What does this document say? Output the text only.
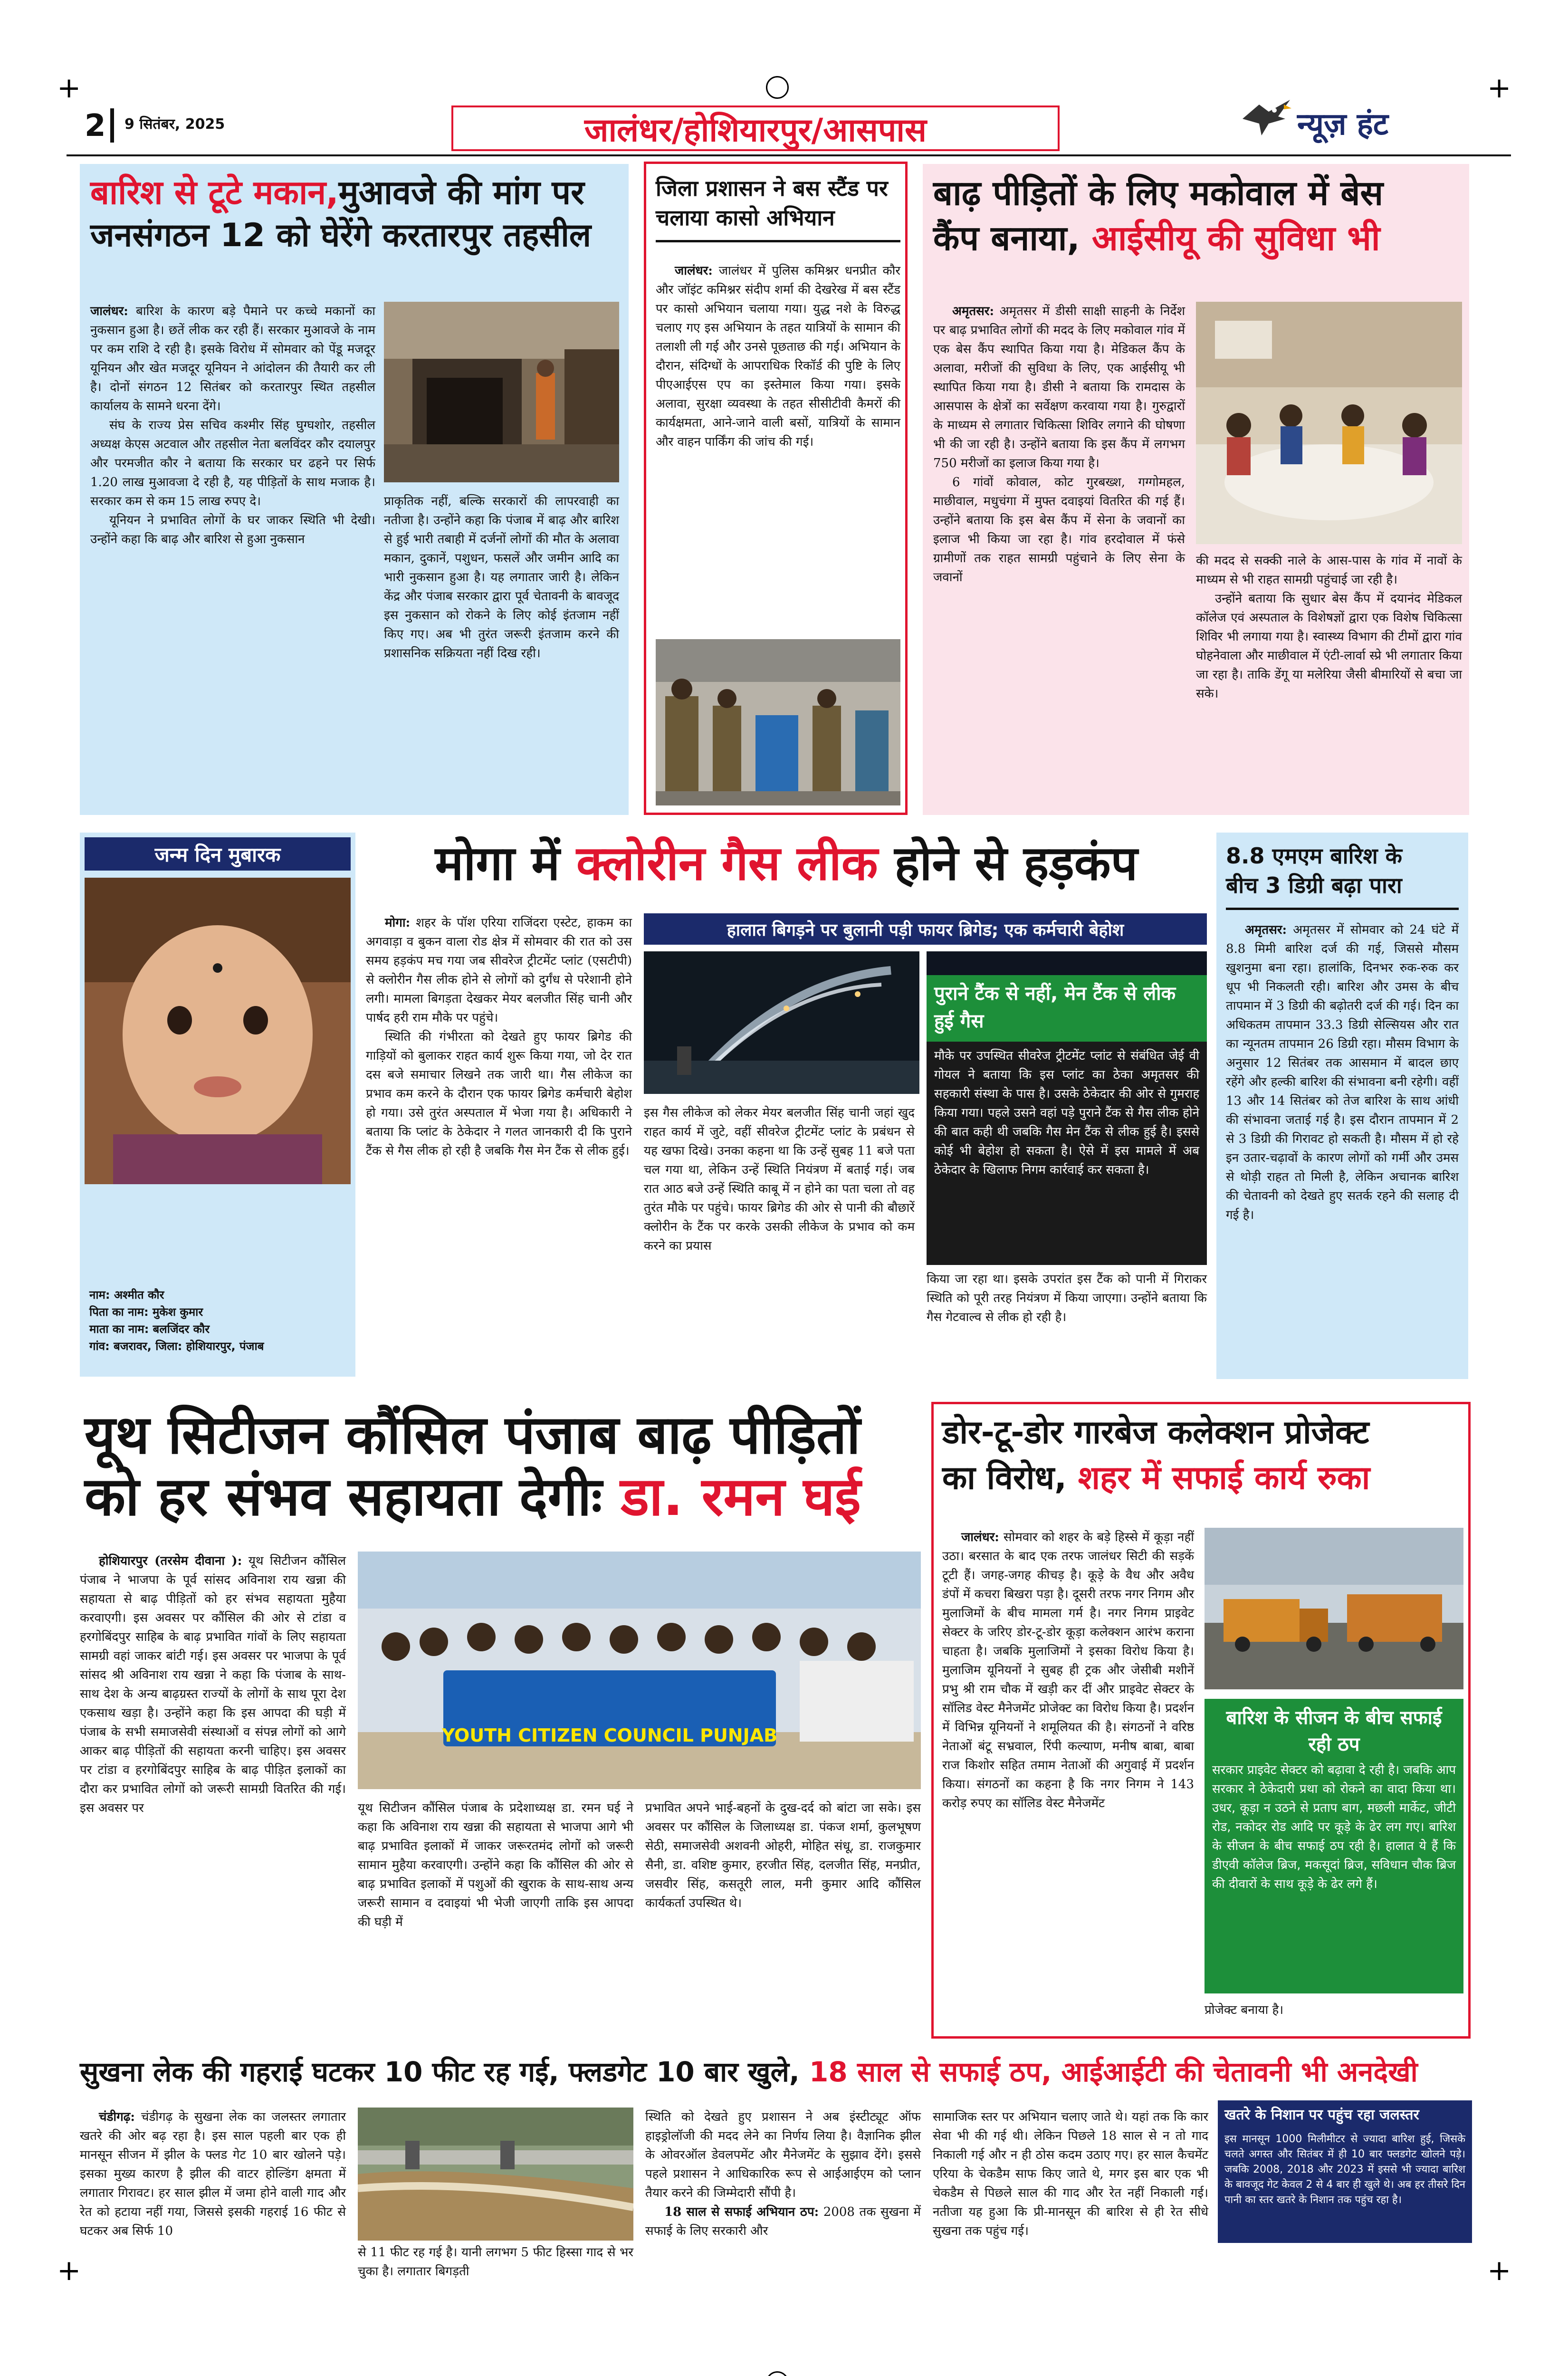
+	+
+	+
2 9 सितंबर, 2025	जालंधर/होशियारपुर/आसपास	न्यूज़ हंट
बारिश से टूटे मकान,मुआवजे की मांग पर
जनसंगठन 12 को घेरेंगे करतारपुर तहसील

जालंधर: बारिश के कारण बड़े पैमाने पर कच्चे मकानों का नुकसान हुआ है। छतें लीक कर रही हैं। सरकार मुआवजे के नाम पर कम राशि दे रही है। इसके विरोध में सोमवार को पेंडू मजदूर यूनियन और खेत मजदूर यूनियन ने आंदोलन की तैयारी कर ली है। दोनों संगठन 12 सितंबर को करतारपुर स्थित तहसील कार्यालय के सामने धरना देंगे।

संघ के राज्य प्रेस सचिव कश्मीर सिंह घुग्घशोर, तहसील अध्यक्ष केएस अटवाल और तहसील नेता बलविंदर कौर दयालपुर और परमजीत कौर ने बताया कि सरकार घर ढहने पर सिर्फ 1.20 लाख मुआवजा दे रही है, यह पीड़ितों के साथ मजाक है। सरकार कम से कम 15 लाख रुपए दे।

यूनियन ने प्रभावित लोगों के घर जाकर स्थिति भी देखी। उन्होंने कहा कि बाढ़ और बारिश से हुआ नुकसान

प्राकृतिक नहीं, बल्कि सरकारों की लापरवाही का नतीजा है। उन्होंने कहा कि पंजाब में बाढ़ और बारिश से हुई भारी तबाही में दर्जनों लोगों की मौत के अलावा मकान, दुकानें, पशुधन, फसलें और जमीन आदि का भारी नुकसान हुआ है। यह लगातार जारी है। लेकिन केंद्र और पंजाब सरकार द्वारा पूर्व चेतावनी के बावजूद इस नुकसान को रोकने के लिए कोई इंतजाम नहीं किए गए। अब भी तुरंत जरूरी इंतजाम करने की प्रशासनिक सक्रियता नहीं दिख रही।
जिला प्रशासन ने बस स्टैंड पर चलाया कासो अभियान

जालंधर: जालंधर में पुलिस कमिश्नर धनप्रीत कौर और जॉइंट कमिश्नर संदीप शर्मा की देखरेख में बस स्टैंड पर कासो अभियान चलाया गया। युद्ध नशे के विरुद्ध चलाए गए इस अभियान के तहत यात्रियों के सामान की तलाशी ली गई और उनसे पूछताछ की गई। अभियान के दौरान, संदिग्धों के आपराधिक रिकॉर्ड की पुष्टि के लिए पीएआईएस एप का इस्तेमाल किया गया। इसके अलावा, सुरक्षा व्यवस्था के तहत सीसीटीवी कैमरों की कार्यक्षमता, आने-जाने वाली बसों, यात्रियों के सामान और वाहन पार्किंग की जांच की गई।

बाढ़ पीड़ितों के लिए मकोवाल में बेस
कैंप बनाया, आईसीयू की सुविधा भी

अमृतसर: अमृतसर में डीसी साक्षी साहनी के निर्देश पर बाढ़ प्रभावित लोगों की मदद के लिए मकोवाल गांव में एक बेस कैंप स्थापित किया गया है। मेडिकल कैंप के अलावा, मरीजों की सुविधा के लिए, एक आईसीयू भी स्थापित किया गया है। डीसी ने बताया कि रामदास के आसपास के क्षेत्रों का सर्वेक्षण करवाया गया है। गुरुद्वारों के माध्यम से लगातार चिकित्सा शिविर लगाने की घोषणा भी की जा रही है। उन्होंने बताया कि इस कैंप में लगभग 750 मरीजों का इलाज किया गया है।

6 गांवों कोवाल, कोट गुरबख्श, गग्गोमहल, माछीवाल, मधुचंगा में मुफ्त दवाइयां वितरित की गई हैं। उन्होंने बताया कि इस बेस कैंप में सेना के जवानों का इलाज भी किया जा रहा है। गांव हरदोवाल में फंसे ग्रामीणों तक राहत सामग्री पहुंचाने के लिए सेना के जवानों

की मदद से सक्की नाले के आस-पास के गांव में नावों के माध्यम से भी राहत सामग्री पहुंचाई जा रही है।

उन्होंने बताया कि सुधार बेस कैंप में दयानंद मेडिकल कॉलेज एवं अस्पताल के विशेषज्ञों द्वारा एक विशेष चिकित्सा शिविर भी लगाया गया है। स्वास्थ्य विभाग की टीमों द्वारा गांव घोहनेवाला और माछीवाल में एंटी-लार्वा स्प्रे भी लगातार किया जा रहा है। ताकि डेंगू या मलेरिया जैसी बीमारियों से बचा जा सके।

जन्म दिन मुबारक
नाम: अश्मीत कौर
पिता का नाम: मुकेश कुमार
माता का नाम: बलजिंदर कौर
गांव: बजरावर, जिला: होशियारपुर, पंजाब
मोगा में क्लोरीन गैस लीक होने से हड़कंप

मोगा: शहर के पॉश एरिया राजिंदरा एस्टेट, हाकम का अगवाड़ा व बुकन वाला रोड क्षेत्र में सोमवार की रात को उस समय हड़कंप मच गया जब सीवरेज ट्रीटमेंट प्लांट (एसटीपी) से क्लोरीन गैस लीक होने से लोगों को दुर्गंध से परेशानी होने लगी। मामला बिगड़ता देखकर मेयर बलजीत सिंह चानी और पार्षद हरी राम मौके पर पहुंचे।

स्थिति की गंभीरता को देखते हुए फायर ब्रिगेड की गाड़ियों को बुलाकर राहत कार्य शुरू किया गया, जो देर रात दस बजे समाचार लिखने तक जारी था। गैस लीकेज का प्रभाव कम करने के दौरान एक फायर ब्रिगेड कर्मचारी बेहोश हो गया। उसे तुरंत अस्पताल में भेजा गया है। अधिकारी ने बताया कि प्लांट के ठेकेदार ने गलत जानकारी दी कि पुराने टैंक से गैस लीक हो रही है जबकि गैस मेन टैंक से लीक हुई।

हालात बिगड़ने पर बुलानी पड़ी फायर ब्रिगेड; एक कर्मचारी बेहोश
इस गैस लीकेज को लेकर मेयर बलजीत सिंह चानी जहां खुद राहत कार्य में जुटे, वहीं सीवरेज ट्रीटमेंट प्लांट के प्रबंधन से यह खफा दिखे। उनका कहना था कि उन्हें सुबह 11 बजे पता चल गया था, लेकिन उन्हें स्थिति नियंत्रण में बताई गई। जब रात आठ बजे उन्हें स्थिति काबू में न होने का पता चला तो वह तुरंत मौके पर पहुंचे। फायर ब्रिगेड की ओर से पानी की बौछारें क्लोरीन के टैंक पर करके उसकी लीकेज के प्रभाव को कम करने का प्रयास
पुराने टैंक से नहीं, मेन टैंक से लीक हुई गैस
मौके पर उपस्थित सीवरेज ट्रीटमेंट प्लांट से संबंधित जेई वी गोयल ने बताया कि इस प्लांट का ठेका अमृतसर की सहकारी संस्था के पास है। उसके ठेकेदार की ओर से गुमराह किया गया। पहले उसने वहां पड़े पुराने टैंक से गैस लीक होने की बात कही थी जबकि गैस मेन टैंक से लीक हुई है। इससे कोई भी बेहोश हो सकता है। ऐसे में इस मामले में अब ठेकेदार के खिलाफ निगम कार्रवाई कर सकता है।
किया जा रहा था। इसके उपरांत इस टैंक को पानी में गिराकर स्थिति को पूरी तरह नियंत्रण में किया जाएगा। उन्होंने बताया कि गैस गेटवाल्व से लीक हो रही है।
8.8 एमएम बारिश के
बीच 3 डिग्री बढ़ा पारा

अमृतसर: अमृतसर में सोमवार को 24 घंटे में 8.8 मिमी बारिश दर्ज की गई, जिससे मौसम खुशनुमा बना रहा। हालांकि, दिनभर रुक-रुक कर धूप भी निकलती रही। बारिश और उमस के बीच तापमान में 3 डिग्री की बढ़ोतरी दर्ज की गई। दिन का अधिकतम तापमान 33.3 डिग्री सेल्सियस और रात का न्यूनतम तापमान 26 डिग्री रहा। मौसम विभाग के अनुसार 12 सितंबर तक आसमान में बादल छाए रहेंगे और हल्की बारिश की संभावना बनी रहेगी। वहीं 13 और 14 सितंबर को तेज बारिश के साथ आंधी की संभावना जताई गई है। इस दौरान तापमान में 2 से 3 डिग्री की गिरावट हो सकती है। मौसम में हो रहे इन उतार-चढ़ावों के कारण लोगों को गर्मी और उमस से थोड़ी राहत तो मिली है, लेकिन अचानक बारिश की चेतावनी को देखते हुए सतर्क रहने की सलाह दी गई है।

यूथ सिटीजन कौंसिल पंजाब बाढ़ पीड़ितों
को हर संभव सहायता देगीः डा. रमन घई

होशियारपुर (तरसेम दीवाना ): यूथ सिटीजन कौंसिल पंजाब ने भाजपा के पूर्व सांसद अविनाश राय खन्ना की सहायता से बाढ़ पीड़ितों को हर संभव सहायता मुहैया करवाएगी। इस अवसर पर कौंसिल की ओर से टांडा व हरगोबिंदपुर साहिब के बाढ़ प्रभावित गांवों के लिए सहायता सामग्री वहां जाकर बांटी गई। इस अवसर पर भाजपा के पूर्व सांसद श्री अविनाश राय खन्ना ने कहा कि पंजाब के साथ-साथ देश के अन्य बाढ़ग्रस्त राज्यों के लोगों के साथ पूरा देश एकसाथ खड़ा है। उन्होंने कहा कि इस आपदा की घड़ी में पंजाब के सभी समाजसेवी संस्थाओं व संपन्न लोगों को आगे आकर बाढ़ पीड़ितों की सहायता करनी चाहिए। इस अवसर पर टांडा व हरगोबिंदपुर साहिब के बाढ़ पीड़ित इलाकों का दौरा कर प्रभावित लोगों को जरूरी सामग्री वितरित की गई। इस अवसर पर

YOUTH CITIZEN COUNCIL PUNJAB
यूथ सिटीजन कौंसिल पंजाब के प्रदेशाध्यक्ष डा. रमन घई ने कहा कि अविनाश राय खन्ना की सहायता से भाजपा आगे भी बाढ़ प्रभावित इलाकों में जाकर जरूरतमंद लोगों को जरूरी सामान मुहैया करवाएगी। उन्होंने कहा कि कौंसिल की ओर से बाढ़ प्रभावित इलाकों में पशुओं की खुराक के साथ-साथ अन्य जरूरी सामान व दवाइयां भी भेजी जाएगी ताकि इस आपदा की घड़ी में
प्रभावित अपने भाई-बहनों के दुख-दर्द को बांटा जा सके। इस अवसर पर कौंसिल के जिलाध्यक्ष डा. पंकज शर्मा, कुलभूषण सेठी, समाजसेवी अशवनी ओहरी, मोहित संधू, डा. राजकुमार सैनी, डा. वशिष्ट कुमार, हरजीत सिंह, दलजीत सिंह, मनप्रीत, जसवीर सिंह, कसतूरी लाल, मनी कुमार आदि कौंसिल कार्यकर्ता उपस्थित थे।
डोर-टू-डोर गारबेज कलेक्शन प्रोजेक्ट
का विरोध, शहर में सफाई कार्य रुका

जालंधर: सोमवार को शहर के बड़े हिस्से में कूड़ा नहीं उठा। बरसात के बाद एक तरफ जालंधर सिटी की सड़कें टूटी हैं। जगह-जगह कीचड़ है। कूड़े के वैध और अवैध डंपों में कचरा बिखरा पड़ा है। दूसरी तरफ नगर निगम और मुलाजिमों के बीच मामला गर्म है। नगर निगम प्राइवेट सेक्टर के जरिए डोर-टू-डोर कूड़ा कलेक्शन आरंभ कराना चाहता है। जबकि मुलाजिमों ने इसका विरोध किया है। मुलाजिम यूनियनों ने सुबह ही ट्रक और जेसीबी मशीनें प्रभु श्री राम चौक में खड़ी कर दीं और प्राइवेट सेक्टर के सॉलिड वेस्ट मैनेजमेंट प्रोजेक्ट का विरोध किया है। प्रदर्शन में विभिन्न यूनियनों ने शमूलियत की है। संगठनों ने वरिष्ठ नेताओं बंटू सभ्रवाल, रिंपी कल्याण, मनीष बाबा, बाबा राज किशोर सहित तमाम नेताओं की अगुवाई में प्रदर्शन किया। संगठनों का कहना है कि नगर निगम ने 143 करोड़ रुपए का सॉलिड वेस्ट मैनेजमेंट

बारिश के सीजन के बीच सफाई रही ठप
सरकार प्राइवेट सेक्टर को बढ़ावा दे रही है। जबकि आप सरकार ने ठेकेदारी प्रथा को रोकने का वादा किया था। उधर, कूड़ा न उठने से प्रताप बाग, मछली मार्केट, जीटी रोड, नकोदर रोड आदि पर कूड़े के ढेर लग गए। बारिश के सीजन के बीच सफाई ठप रही है। हालात ये हैं कि डीएवी कॉलेज ब्रिज, मकसूदां ब्रिज, सविधान चौक ब्रिज की दीवारों के साथ कूड़े के ढेर लगे हैं।
प्रोजेक्ट बनाया है।
सुखना लेक की गहराई घटकर 10 फीट रह गई, फ्लडगेट 10 बार खुले, 18 साल से सफाई ठप, आईआईटी की चेतावनी भी अनदेखी

चंडीगढ़: चंडीगढ़ के सुखना लेक का जलस्तर लगातार खतरे की ओर बढ़ रहा है। इस साल पहली बार एक ही मानसून सीजन में झील के फ्लड गेट 10 बार खोलने पड़े। इसका मुख्य कारण है झील की वाटर होल्डिंग क्षमता में लगातार गिरावट। हर साल झील में जमा होने वाली गाद और रेत को हटाया नहीं गया, जिससे इसकी गहराई 16 फीट से घटकर अब सिर्फ 10

स्थिति को देखते हुए प्रशासन ने अब इंस्टीट्यूट ऑफ हाइड्रोलॉजी की मदद लेने का निर्णय लिया है। वैज्ञानिक झील के ओवरऑल डेवलपमेंट और मैनेजमेंट के सुझाव देंगे। इससे पहले प्रशासन ने आधिकारिक रूप से आईआईएम को प्लान तैयार करने की जिम्मेदारी सौंपी है।

18 साल से सफाई अभियान ठप: 2008 तक सुखना में सफाई के लिए सरकारी और

सामाजिक स्तर पर अभियान चलाए जाते थे। यहां तक कि कार सेवा भी की गई थी। लेकिन पिछले 18 साल से न तो गाद निकाली गई और न ही ठोस कदम उठाए गए। हर साल कैचमेंट एरिया के चेकडैम साफ किए जाते थे, मगर इस बार एक भी चेकडैम से पिछले साल की गाद और रेत नहीं निकाली गई। नतीजा यह हुआ कि प्री-मानसून की बारिश से ही रेत सीधे सुखना तक पहुंच गई।
खतरे के निशान पर पहुंच रहा जलस्तर
इस मानसून 1000 मिलीमीटर से ज्यादा बारिश हुई, जिसके चलते अगस्त और सितंबर में ही 10 बार फ्लडगेट खोलने पड़े। जबकि 2008, 2018 और 2023 में इससे भी ज्यादा बारिश के बावजूद गेट केवल 2 से 4 बार ही खुले थे। अब हर तीसरे दिन पानी का स्तर खतरे के निशान तक पहुंच रहा है।
से 11 फीट रह गई है। यानी लगभग 5 फीट हिस्सा गाद से भर चुका है। लगातार बिगड़ती
